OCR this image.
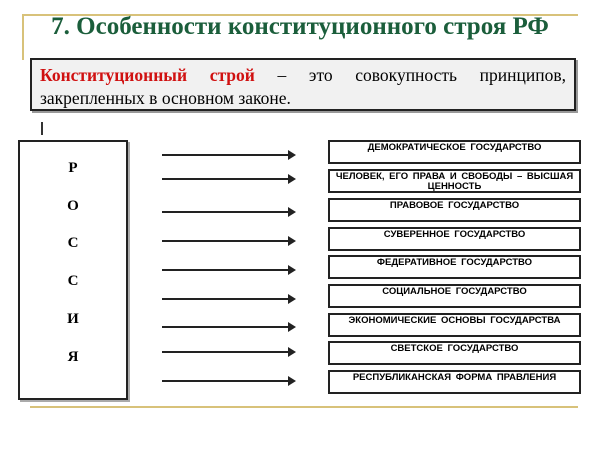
7. Особенности конституционного строя РФ
Конституционный строй – это совокупность принципов, закрепленных в основном законе.
Р
О
С
С
И
Я
ДЕМОКРАТИЧЕСКОЕ ГОСУДАРСТВО
ЧЕЛОВЕК, ЕГО ПРАВА И СВОБОДЫ – ВЫСШАЯ ЦЕННОСТЬ
ПРАВОВОЕ ГОСУДАРСТВО
СУВЕРЕННОЕ ГОСУДАРСТВО
ФЕДЕРАТИВНОЕ ГОСУДАРСТВО
СОЦИАЛЬНОЕ ГОСУДАРСТВО
ЭКОНОМИЧЕСКИЕ ОСНОВЫ ГОСУДАРСТВА
СВЕТСКОЕ ГОСУДАРСТВО
РЕСПУБЛИКАНСКАЯ ФОРМА ПРАВЛЕНИЯ
